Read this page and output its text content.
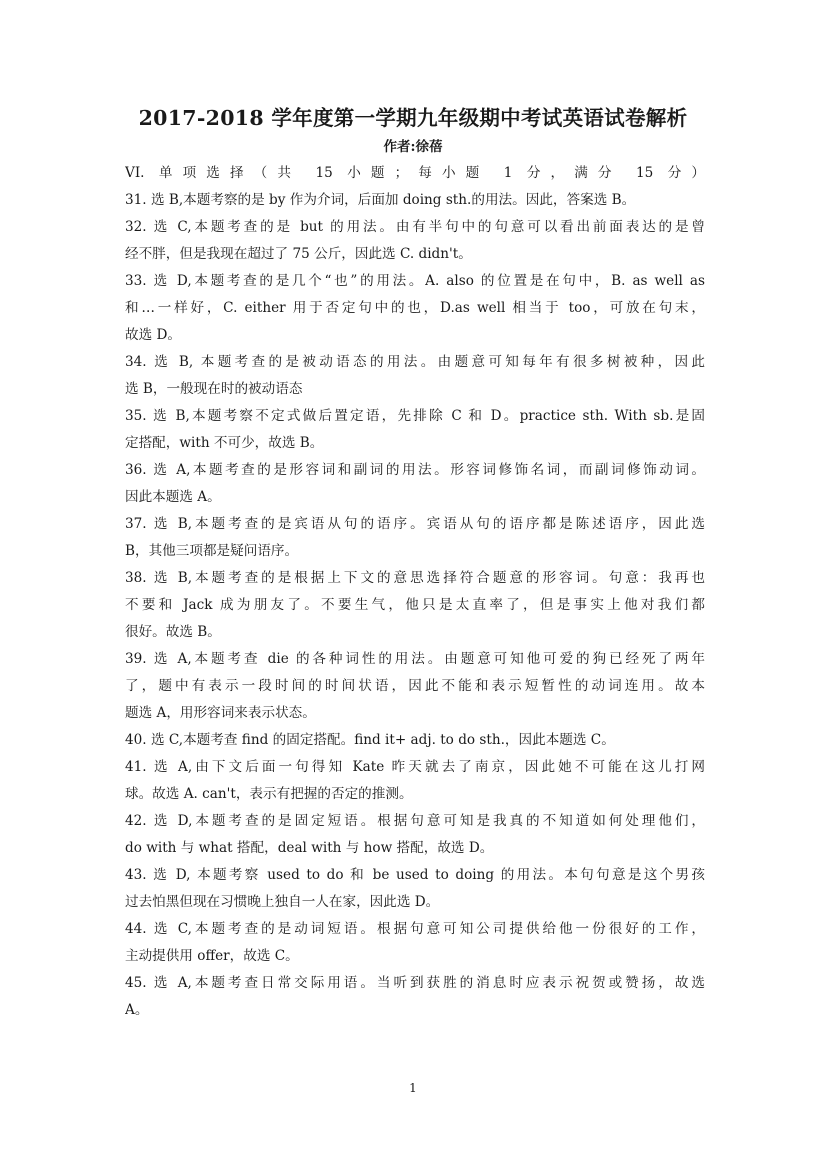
2017-2018 学年度第一学期九年级期中考试英语试卷解析
作者:徐蓓
VI. 单项选择（共 15 小题；每小题 1 分，满分 15 分）
31. 选 B,本题考察的是 by 作为介词，后面加 doing sth.的用法。因此，答案选 B。
32. 选 C,本题考查的是 but 的用法。由有半句中的句意可以看出前面表达的是曾
经不胖，但是我现在超过了 75 公斤，因此选 C. didn't。
33. 选 D,本题考查的是几个“也”的用法。A. also 的位置是在句中，B. as well as
和…一样好，C. either 用于否定句中的也，D.as well 相当于 too，可放在句末，
故选 D。
34. 选 B, 本题考查的是被动语态的用法。由题意可知每年有很多树被种，因此
选 B，一般现在时的被动语态
35. 选 B,本题考察不定式做后置定语，先排除 C 和 D。practice sth. With sb.是固
定搭配，with 不可少，故选 B。
36. 选 A,本题考查的是形容词和副词的用法。形容词修饰名词，而副词修饰动词。
因此本题选 A。
37. 选 B,本题考查的是宾语从句的语序。宾语从句的语序都是陈述语序，因此选
B，其他三项都是疑问语序。
38. 选 B,本题考查的是根据上下文的意思选择符合题意的形容词。句意：我再也
不要和 Jack 成为朋友了。不要生气，他只是太直率了，但是事实上他对我们都
很好。故选 B。
39. 选 A,本题考查 die 的各种词性的用法。由题意可知他可爱的狗已经死了两年
了，题中有表示一段时间的时间状语，因此不能和表示短暂性的动词连用。故本
题选 A，用形容词来表示状态。
40. 选 C,本题考查 find 的固定搭配。find it+ adj. to do sth.，因此本题选 C。
41. 选 A,由下文后面一句得知 Kate 昨天就去了南京，因此她不可能在这儿打网
球。故选 A. can't，表示有把握的否定的推测。
42. 选 D,本题考查的是固定短语。根据句意可知是我真的不知道如何处理他们，
do with 与 what 搭配，deal with 与 how 搭配，故选 D。
43. 选 D, 本题考察 used to do 和 be used to doing 的用法。本句句意是这个男孩
过去怕黑但现在习惯晚上独自一人在家，因此选 D。
44. 选 C,本题考查的是动词短语。根据句意可知公司提供给他一份很好的工作，
主动提供用 offer，故选 C。
45. 选 A,本题考查日常交际用语。当听到获胜的消息时应表示祝贺或赞扬，故选
A。
1
